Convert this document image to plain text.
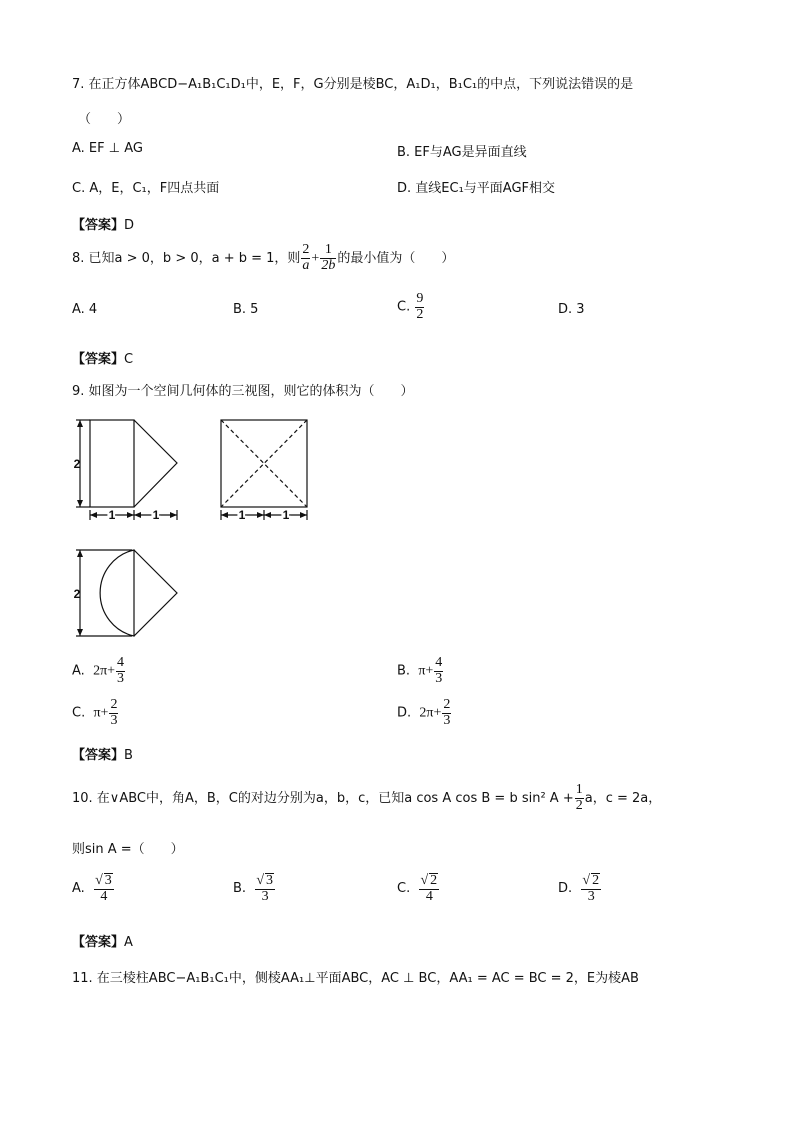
7. 在正方体ABCD−A₁B₁C₁D₁中，E，F，G分别是棱BC，A₁D₁，B₁C₁的中点，下列说法错误的是
（　　）
A. EF ⊥ AG	B. EF与AG是异面直线
C. A，E，C₁，F四点共面	D. 直线EC₁与平面AGF相交
【答案】D
8. 已知a > 0，b > 0，a + b = 1，则 $\frac{2}{a} + \frac{1}{2b}$ 的最小值为（　　）
A. 4	B. 5	C. $\frac{9}{2}$	D. 3
【答案】C
9. 如图为一个空间几何体的三视图，则它的体积为（　　）
2
1	1	1	1
2
A. $2\pi+ \frac{4}{3}$	B. $\pi+ \frac{4}{3}$
C. $\pi+ \frac{2}{3}$	D. $2\pi+ \frac{2}{3}$
【答案】B
10. 在∨ABC中，角A，B，C的对边分别为a，b，c，已知a cos A cos B = b sin² $A + \frac{1}{2}$ a，c = 2a，
则sin A =（　　）
A. $\frac{√ 3}{4}$	B. $\frac{√ 3}{3}$	C. $\frac{√ 2}{4}$	D. $\frac{√ 2}{3}$
【答案】A
11. 在三棱柱ABC−A₁B₁C₁中，侧棱AA₁⊥平面ABC，AC ⊥ BC，AA₁ = AC = BC = 2，E为棱AB
